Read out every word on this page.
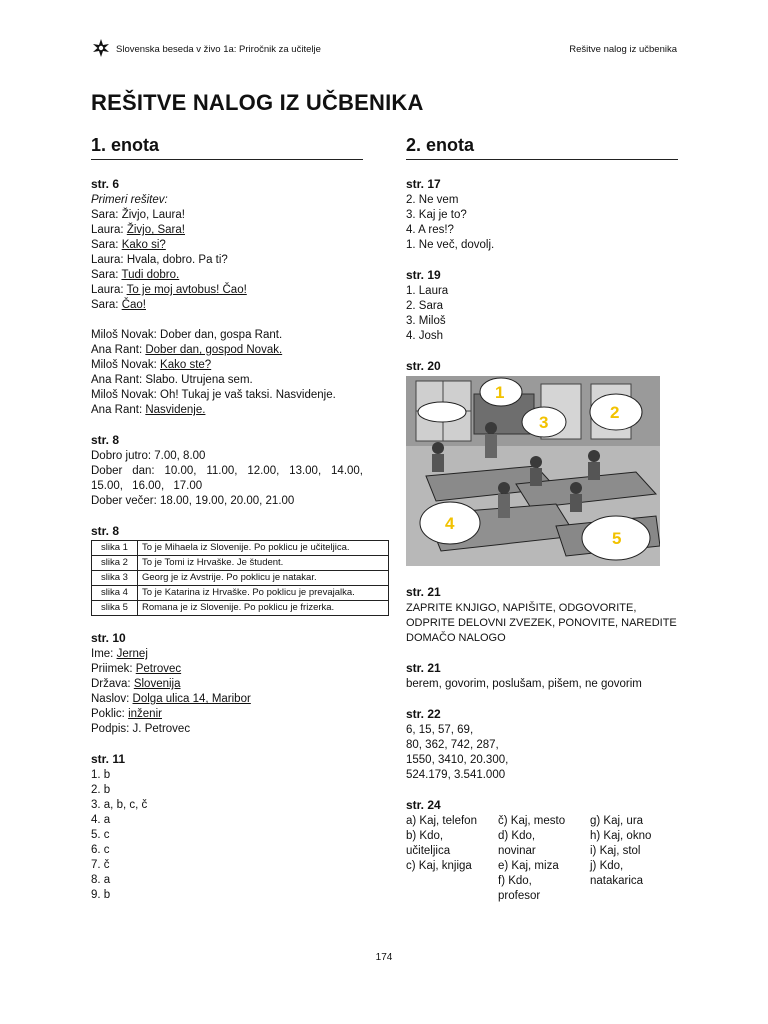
Slovenska beseda v živo 1a: Priročnik za učitelje	Rešitve nalog iz učbenika
REŠITVE NALOG IZ UČBENIKA
1. enota
str. 6
Primeri rešitev:
Sara: Živjo, Laura!
Laura: Živjo, Sara!
Sara: Kako si?
Laura: Hvala, dobro. Pa ti?
Sara: Tudi dobro.
Laura: To je moj avtobus! Čao!
Sara: Čao!
Miloš Novak: Dober dan, gospa Rant.
Ana Rant: Dober dan, gospod Novak.
Miloš Novak: Kako ste?
Ana Rant: Slabo. Utrujena sem.
Miloš Novak: Oh! Tukaj je vaš taksi. Nasvidenje.
Ana Rant: Nasvidenje.
str. 8
Dobro jutro: 7.00, 8.00
Dober dan: 10.00, 11.00, 12.00, 13.00, 14.00, 15.00, 16.00, 17.00
Dober večer: 18.00, 19.00, 20.00, 21.00
str. 8
slika 1	To je Mihaela iz Slovenije. Po poklicu je učiteljica.
slika 2	To je Tomi iz Hrvaške. Je študent.
slika 3	Georg je iz Avstrije. Po poklicu je natakar.
slika 4	To je Katarina iz Hrvaške. Po poklicu je prevajalka.
slika 5	Romana je iz Slovenije. Po poklicu je frizerka.
str. 10
Ime: Jernej
Priimek: Petrovec
Država: Slovenija
Naslov: Dolga ulica 14, Maribor
Poklic: inženir
Podpis: J. Petrovec
str. 11
1. b
2. b
3. a, b, c, č
4. a
5. c
6. c
7. č
8. a
9. b
2. enota
str. 17
2. Ne vem
3. Kaj je to?
4. A res!?
1. Ne več, dovolj.
str. 19
1. Laura
2. Sara
3. Miloš
4. Josh
str. 20
1
2
3
4
5
str. 21
ZAPRITE KNJIGO, NAPIŠITE, ODGOVORITE, ODPRITE DELOVNI ZVEZEK, PONOVITE, NAREDITE DOMAČO NALOGO
str. 21
berem, govorim, poslušam, pišem, ne govorim
str. 22
6, 15, 57, 69,
80, 362, 742, 287,
1550, 3410, 20.300,
524.179, 3.541.000
str. 24
a) Kaj, telefon
b) Kdo,
učiteljica
c) Kaj, knjiga
č) Kaj, mesto
d) Kdo,
novinar
e) Kaj, miza
f) Kdo,
profesor
g) Kaj, ura
h) Kaj, okno
i) Kaj, stol
j) Kdo,
natakarica
174
